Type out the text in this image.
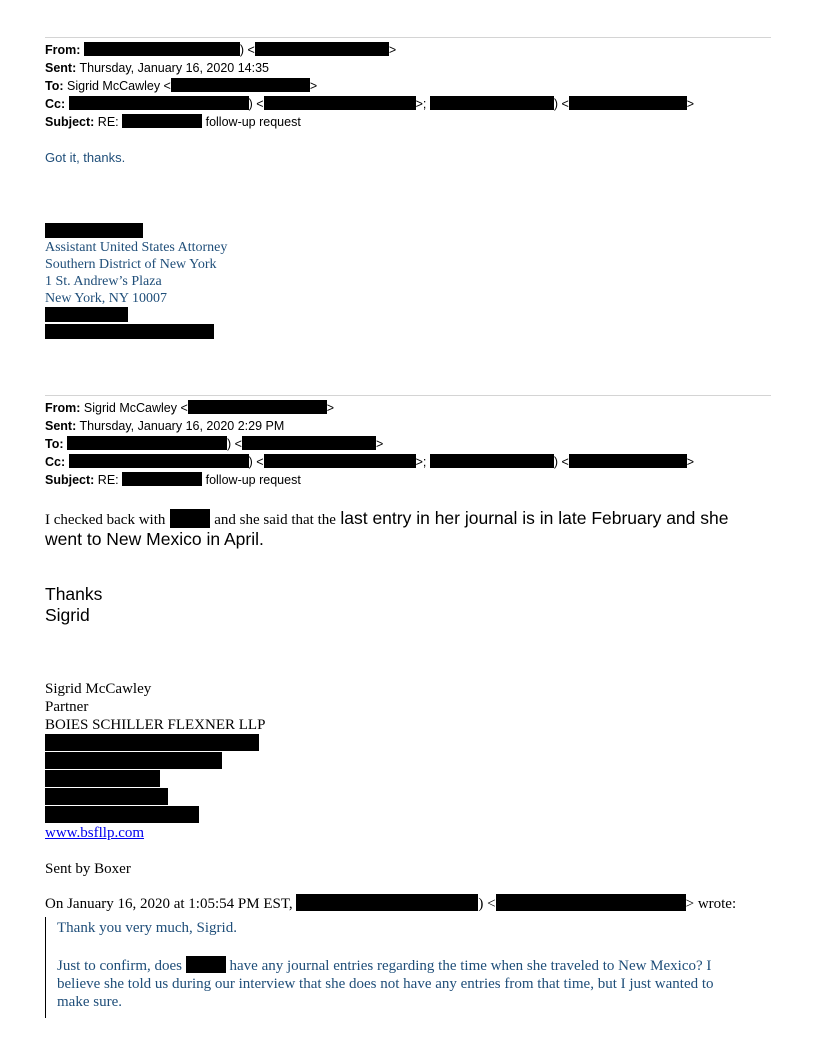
From:	) <	>
Sent: Thursday, January 16, 2020 14:35
To: Sigrid McCawley <	>
Cc:	) <	>;	) <	>
Subject: RE:	follow-up request
Got it, thanks.
Assistant United States Attorney
Southern District of New York
1 St. Andrew’s Plaza
New York, NY 10007
From: Sigrid McCawley <	>
Sent: Thursday, January 16, 2020 2:29 PM
To:	) <	>
Cc:	) <	>;	) <	>
Subject: RE:	follow-up request
I checked back with	and she said that the last entry in her journal is in late February and she
went to New Mexico in April.
Thanks
Sigrid
Sigrid McCawley
Partner
BOIES SCHILLER FLEXNER LLP
www.bsfllp.com
Sent by Boxer
On January 16, 2020 at 1:05:54 PM EST,	) <	> wrote:
Thank you very much, Sigrid.
Just to confirm, does	have any journal entries regarding the time when she traveled to New Mexico? I
believe she told us during our interview that she does not have any entries from that time, but I just wanted to
make sure.
